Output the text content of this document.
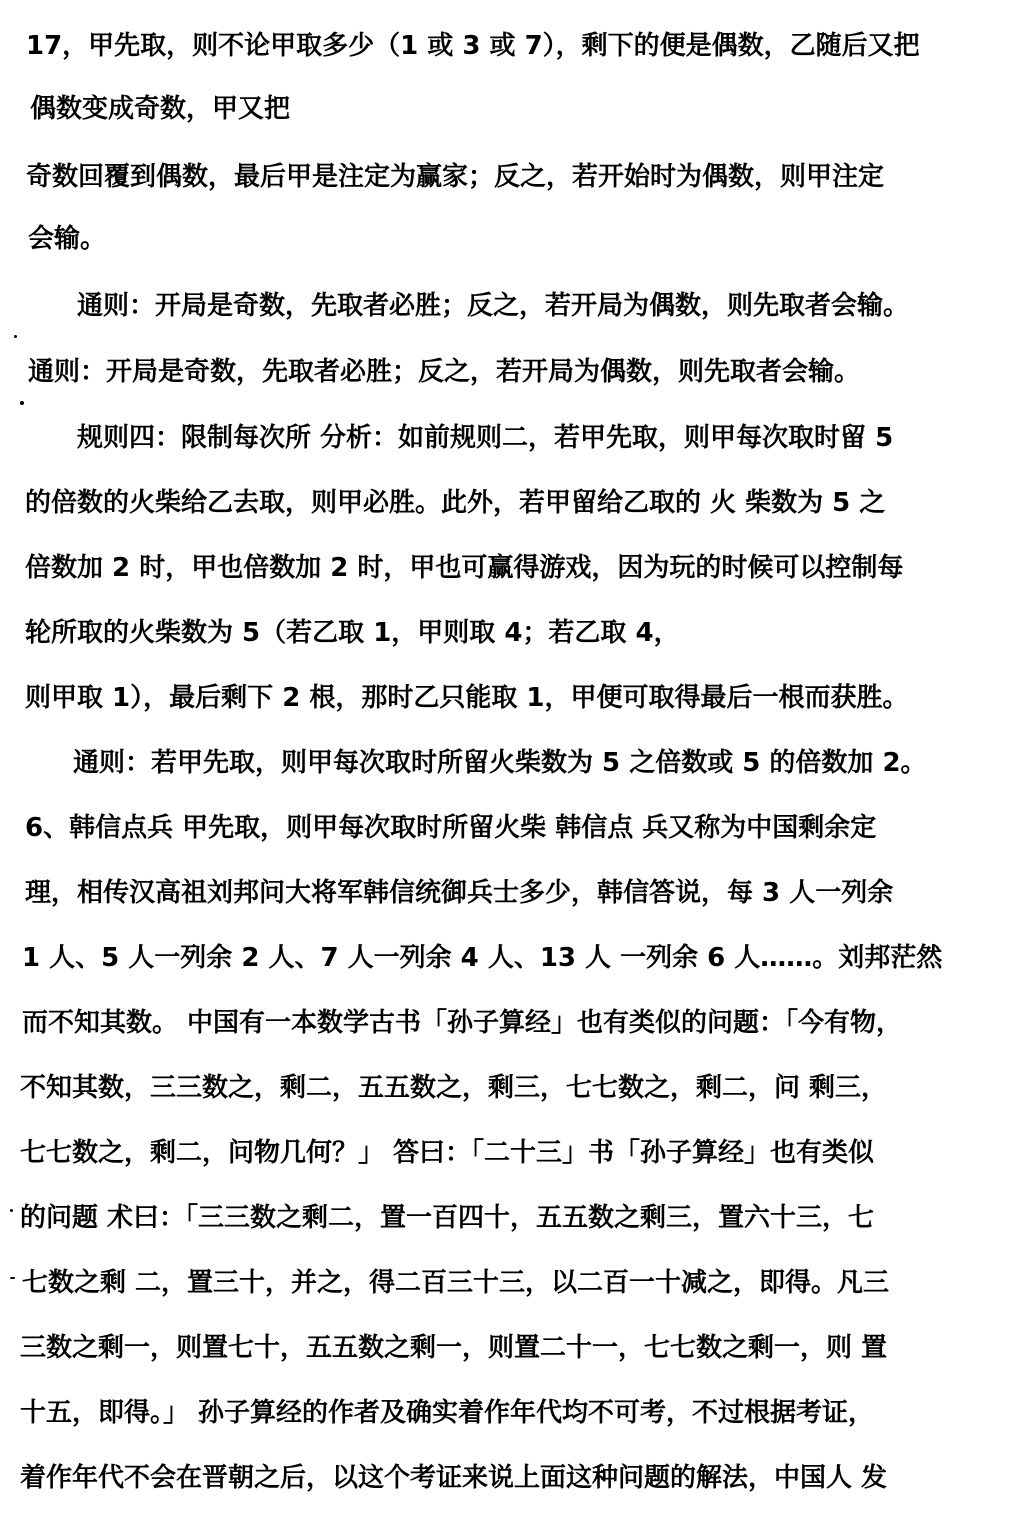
17，甲先取，则不论甲取多少（1 或 3 或 7），剩下的便是偶数，乙随后又把
偶数变成奇数，甲又把
奇数回覆到偶数，最后甲是注定为赢家；反之，若开始时为偶数，则甲注定
会输。
通则：开局是奇数，先取者必胜；反之，若开局为偶数，则先取者会输。
通则：开局是奇数，先取者必胜；反之，若开局为偶数，则先取者会输。
规则四：限制每次所 分析：如前规则二，若甲先取，则甲每次取时留 5
的倍数的火柴给乙去取，则甲必胜。此外，若甲留给乙取的 火 柴数为 5 之
倍数加 2 时，甲也倍数加 2 时，甲也可赢得游戏，因为玩的时候可以控制每
轮所取的火柴数为 5（若乙取 1，甲则取 4；若乙取 4，
则甲取 1），最后剩下 2 根，那时乙只能取 1，甲便可取得最后一根而获胜。
通则：若甲先取，则甲每次取时所留火柴数为 5 之倍数或 5 的倍数加 2。
6、韩信点兵 甲先取，则甲每次取时所留火柴 韩信点 兵又称为中国剩余定
理，相传汉高祖刘邦问大将军韩信统御兵士多少，韩信答说，每 3 人一列余
1 人、5 人一列余 2 人、7 人一列余 4 人、13 人 一列余 6 人……。刘邦茫然
而不知其数。 中国有一本数学古书「孙子算经」也有类似的问题：「今有物，
不知其数，三三数之，剩二，五五数之，剩三，七七数之，剩二，问 剩三，
七七数之，剩二，问物几何？」 答曰：「二十三」书「孙子算经」也有类似
的问题 术曰：「三三数之剩二，置一百四十，五五数之剩三，置六十三，七
七数之剩 二，置三十，并之，得二百三十三，以二百一十减之，即得。凡三
三数之剩一，则置七十，五五数之剩一，则置二十一，七七数之剩一，则 置
十五，即得。」 孙子算经的作者及确实着作年代均不可考，不过根据考证，
着作年代不会在晋朝之后，以这个考证来说上面这种问题的解法，中国人 发
